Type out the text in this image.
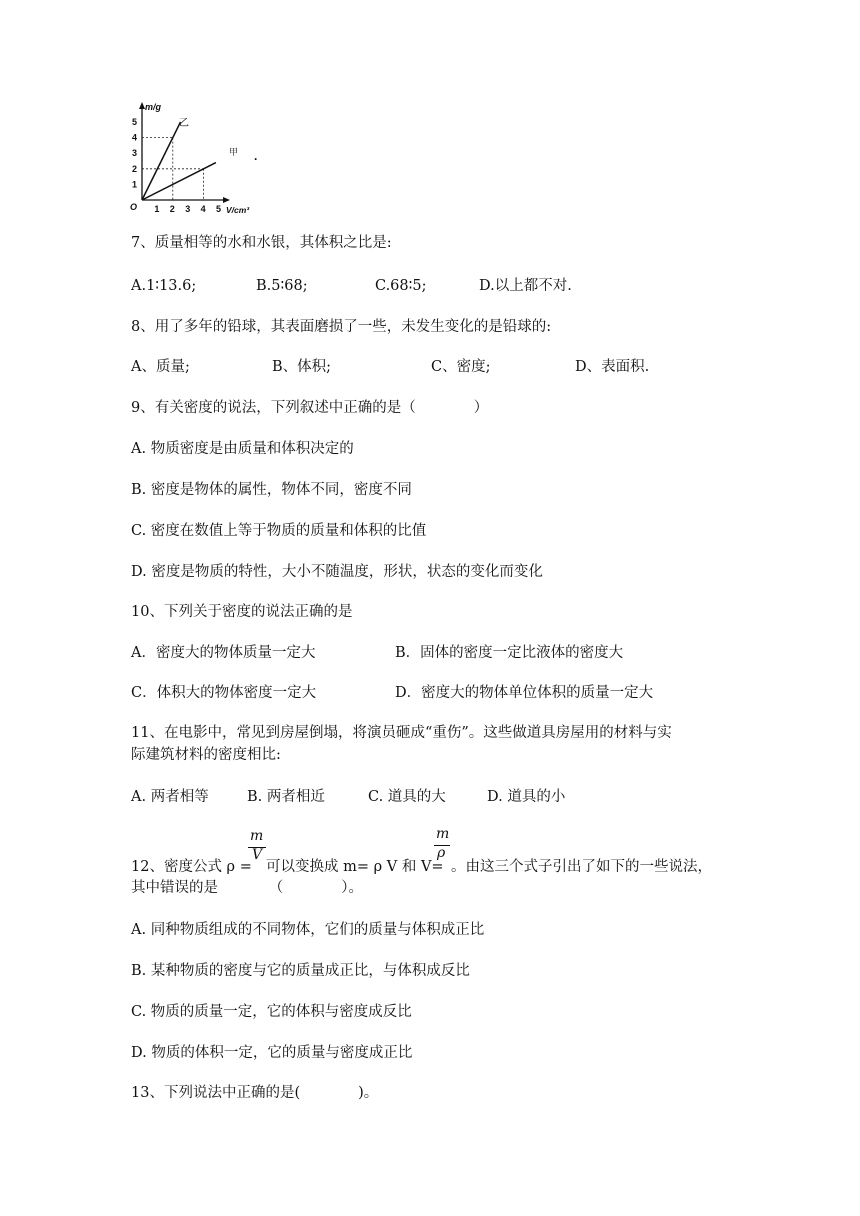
m/g
V/cm³
O 1 2 3 4 5
1
2
3
4
5	乙
甲 .
7、质量相等的水和水银，其体积之比是:
A.1∶13.6;	B.5∶68;	C.68∶5;	D.以上都不对.
8、用了多年的铅球，其表面磨损了一些，未发生变化的是铅球的:
A、质量;	B、体积;	C、密度;	D、表面积.
9、有关密度的说法，下列叙述中正确的是（　　　　）
A. 物质密度是由质量和体积决定的
B. 密度是物体的属性，物体不同，密度不同
C. 密度在数值上等于物质的质量和体积的比值
D. 密度是物质的特性，大小不随温度，形状，状态的变化而变化
10、下列关于密度的说法正确的是
A．密度大的物体质量一定大	B．固体的密度一定比液体的密度大
C．体积大的物体密度一定大	D．密度大的物体单位体积的质量一定大
11、在电影中，常见到房屋倒塌，将演员砸成“重伤”。这些做道具房屋用的材料与实
际建筑材料的密度相比:
A. 两者相等	B. 两者相近	C. 道具的大	D. 道具的小
12、密度公式 ρ =
m
V
可以变换成 m= ρ V 和 V=
m
ρ
。由这三个式子引出了如下的一些说法，
其中错误的是　　　　（　　　　）。
A. 同种物质组成的不同物体，它们的质量与体积成正比
B. 某种物质的密度与它的质量成正比，与体积成反比
C. 物质的质量一定，它的体积与密度成反比
D. 物质的体积一定，它的质量与密度成正比
13、下列说法中正确的是(　　　　)。
